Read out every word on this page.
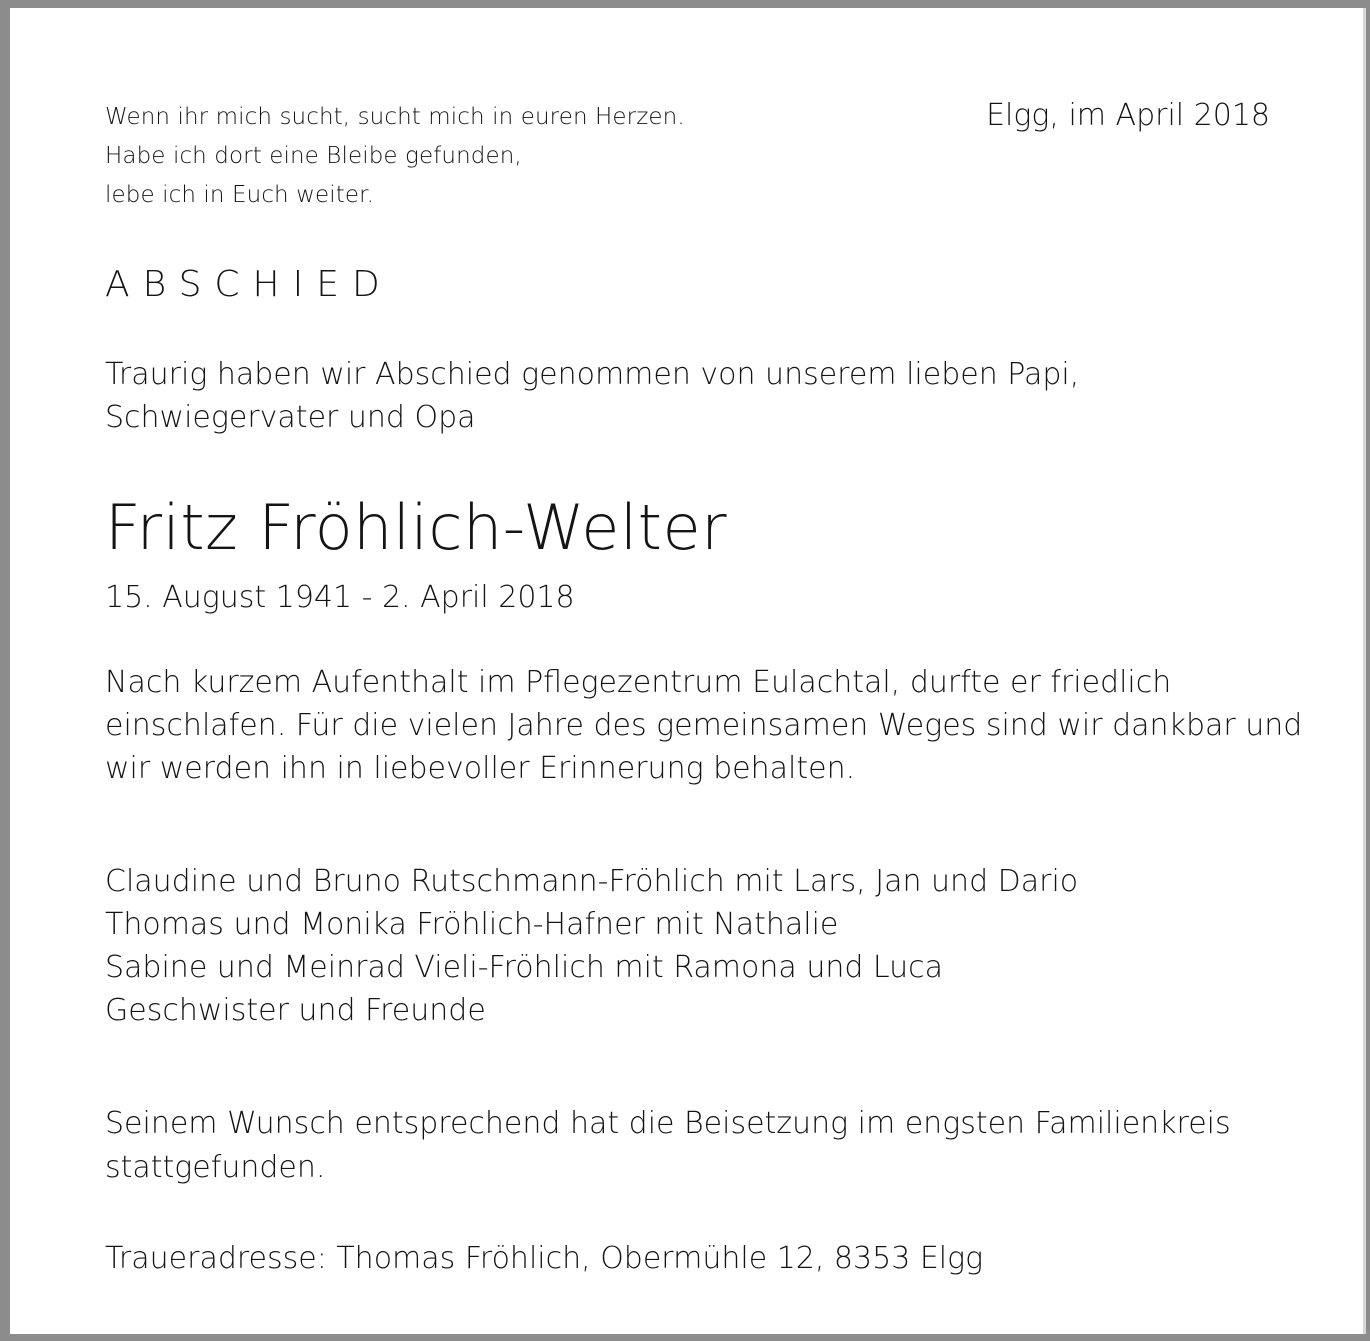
Wenn ihr mich sucht, sucht mich in euren Herzen.
Habe ich dort eine Bleibe gefunden,
lebe ich in Euch weiter.
Elgg, im April 2018
ABSCHIED
Traurig haben wir Abschied genommen von unserem lieben Papi,
Schwiegervater und Opa
Fritz Fröhlich-Welter
15. August 1941 - 2. April 2018
Nach kurzem Aufenthalt im Pflegezentrum Eulachtal, durfte er friedlich
einschlafen. Für die vielen Jahre des gemeinsamen Weges sind wir dankbar und
wir werden ihn in liebevoller Erinnerung behalten.
Claudine und Bruno Rutschmann-Fröhlich mit Lars, Jan und Dario
Thomas und Monika Fröhlich-Hafner mit Nathalie
Sabine und Meinrad Vieli-Fröhlich mit Ramona und Luca
Geschwister und Freunde
Seinem Wunsch entsprechend hat die Beisetzung im engsten Familienkreis
stattgefunden.
Traueradresse: Thomas Fröhlich, Obermühle 12, 8353 Elgg
